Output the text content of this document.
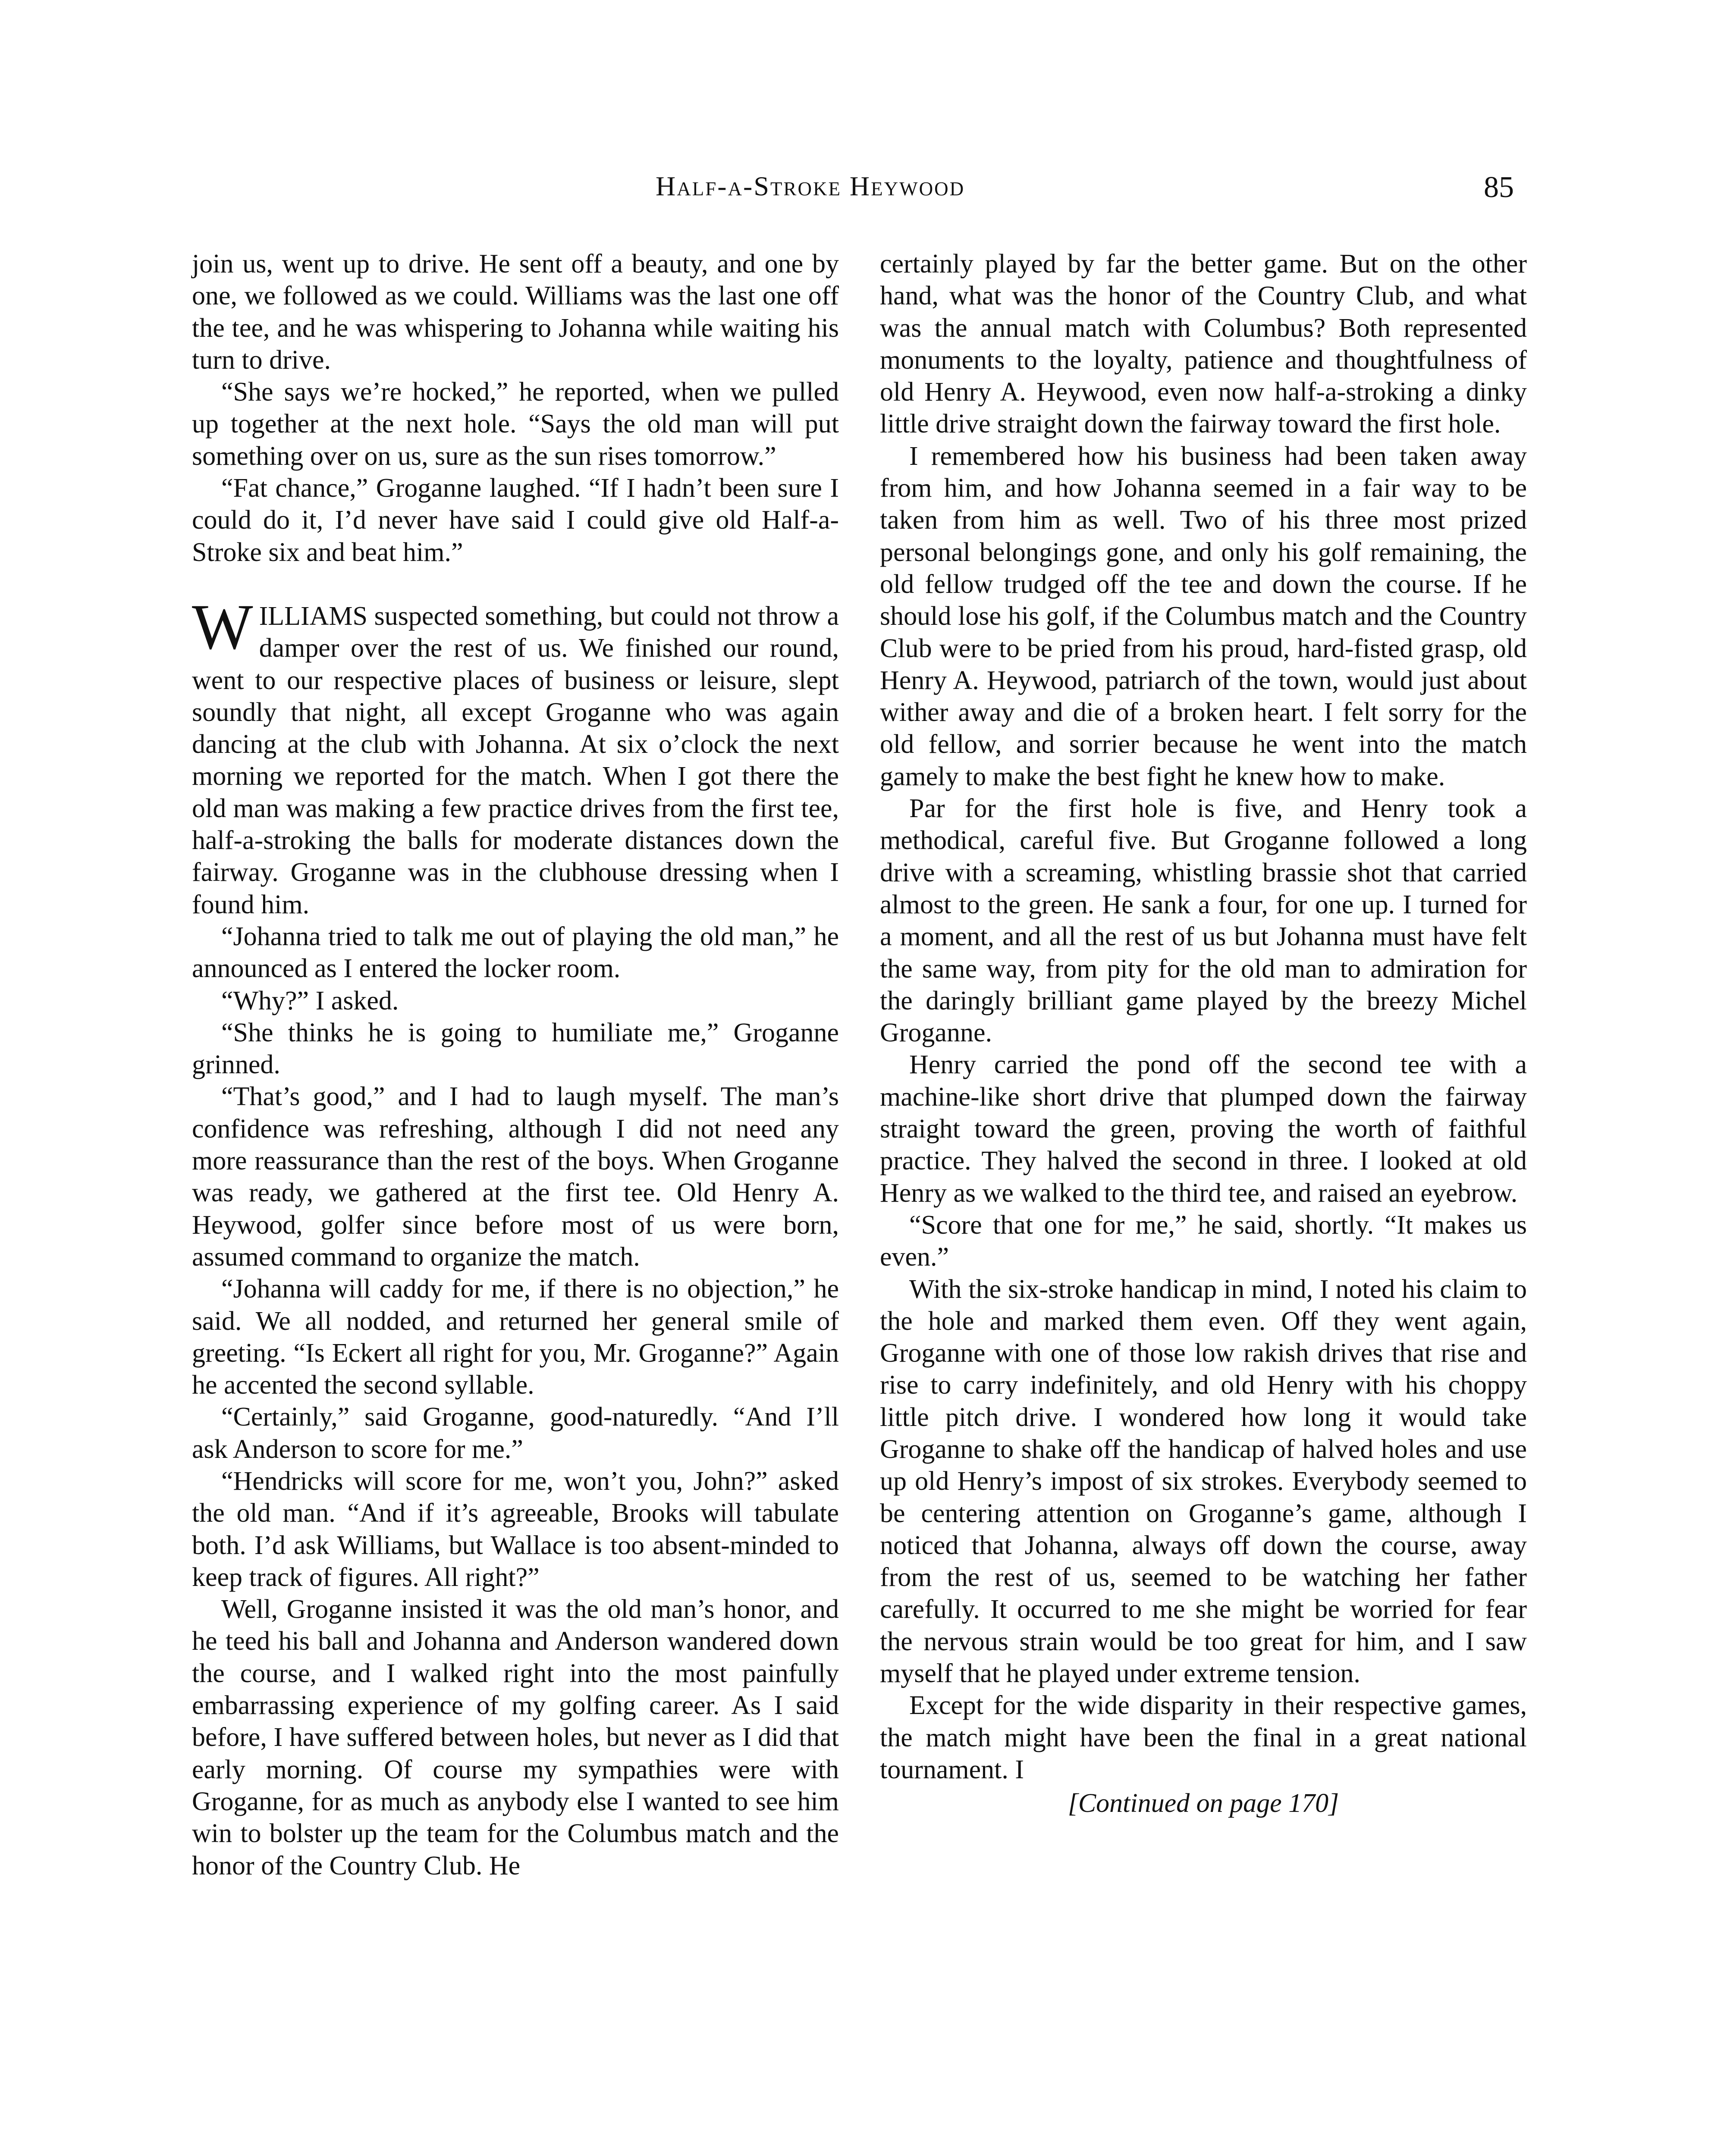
Half-a-Stroke Heywood	85

join us, went up to drive. He sent off a beauty, and one by one, we followed as we could. Williams was the last one off the tee, and he was whispering to Johanna while waiting his turn to drive.

“She says we’re hocked,” he reported, when we pulled up together at the next hole. “Says the old man will put something over on us, sure as the sun rises tomorrow.”

“Fat chance,” Groganne laughed. “If I hadn’t been sure I could do it, I’d never have said I could give old Half-a-Stroke six and beat him.”

WILLIAMS suspected something, but could not throw a damper over the rest of us. We finished our round, went to our respective places of business or leisure, slept soundly that night, all except Groganne who was again dancing at the club with Johanna. At six o’clock the next morning we reported for the match. When I got there the old man was making a few practice drives from the first tee, half-a-stroking the balls for moderate distances down the fairway. Groganne was in the clubhouse dressing when I found him.

“Johanna tried to talk me out of playing the old man,” he announced as I entered the locker room.

“Why?” I asked.

“She thinks he is going to humiliate me,” Groganne grinned.

“That’s good,” and I had to laugh myself. The man’s confidence was refreshing, although I did not need any more reassurance than the rest of the boys. When Groganne was ready, we gathered at the first tee. Old Henry A. Heywood, golfer since before most of us were born, assumed command to organize the match.

“Johanna will caddy for me, if there is no objection,” he said. We all nodded, and returned her general smile of greeting. “Is Eckert all right for you, Mr. Groganne?” Again he accented the second syllable.

“Certainly,” said Groganne, good-naturedly. “And I’ll ask Anderson to score for me.”

“Hendricks will score for me, won’t you, John?” asked the old man. “And if it’s agreeable, Brooks will tabulate both. I’d ask Williams, but Wallace is too absent-minded to keep track of figures. All right?”

Well, Groganne insisted it was the old man’s honor, and he teed his ball and Johanna and Anderson wandered down the course, and I walked right into the most painfully embarrassing experience of my golfing career. As I said before, I have suffered between holes, but never as I did that early morning. Of course my sympathies were with Groganne, for as much as anybody else I wanted to see him win to bolster up the team for the Columbus match and the honor of the Country Club. He

certainly played by far the better game. But on the other hand, what was the honor of the Country Club, and what was the annual match with Columbus? Both represented monuments to the loyalty, patience and thoughtfulness of old Henry A. Heywood, even now half-a-stroking a dinky little drive straight down the fairway toward the first hole.

I remembered how his business had been taken away from him, and how Johanna seemed in a fair way to be taken from him as well. Two of his three most prized personal belongings gone, and only his golf remaining, the old fellow trudged off the tee and down the course. If he should lose his golf, if the Columbus match and the Country Club were to be pried from his proud, hard-fisted grasp, old Henry A. Heywood, patriarch of the town, would just about wither away and die of a broken heart. I felt sorry for the old fellow, and sorrier because he went into the match gamely to make the best fight he knew how to make.

Par for the first hole is five, and Henry took a methodical, careful five. But Groganne followed a long drive with a screaming, whistling brassie shot that carried almost to the green. He sank a four, for one up. I turned for a moment, and all the rest of us but Johanna must have felt the same way, from pity for the old man to admiration for the daringly brilliant game played by the breezy Michel Groganne.

Henry carried the pond off the second tee with a machine-like short drive that plumped down the fairway straight toward the green, proving the worth of faithful practice. They halved the second in three. I looked at old Henry as we walked to the third tee, and raised an eyebrow.

“Score that one for me,” he said, shortly. “It makes us even.”

With the six-stroke handicap in mind, I noted his claim to the hole and marked them even. Off they went again, Groganne with one of those low rakish drives that rise and rise to carry indefinitely, and old Henry with his choppy little pitch drive. I wondered how long it would take Groganne to shake off the handicap of halved holes and use up old Henry’s impost of six strokes. Everybody seemed to be centering attention on Groganne’s game, although I noticed that Johanna, always off down the course, away from the rest of us, seemed to be watching her father carefully. It occurred to me she might be worried for fear the nervous strain would be too great for him, and I saw myself that he played under extreme tension.

Except for the wide disparity in their respective games, the match might have been the final in a great national tournament. I

[Continued on page 170]
